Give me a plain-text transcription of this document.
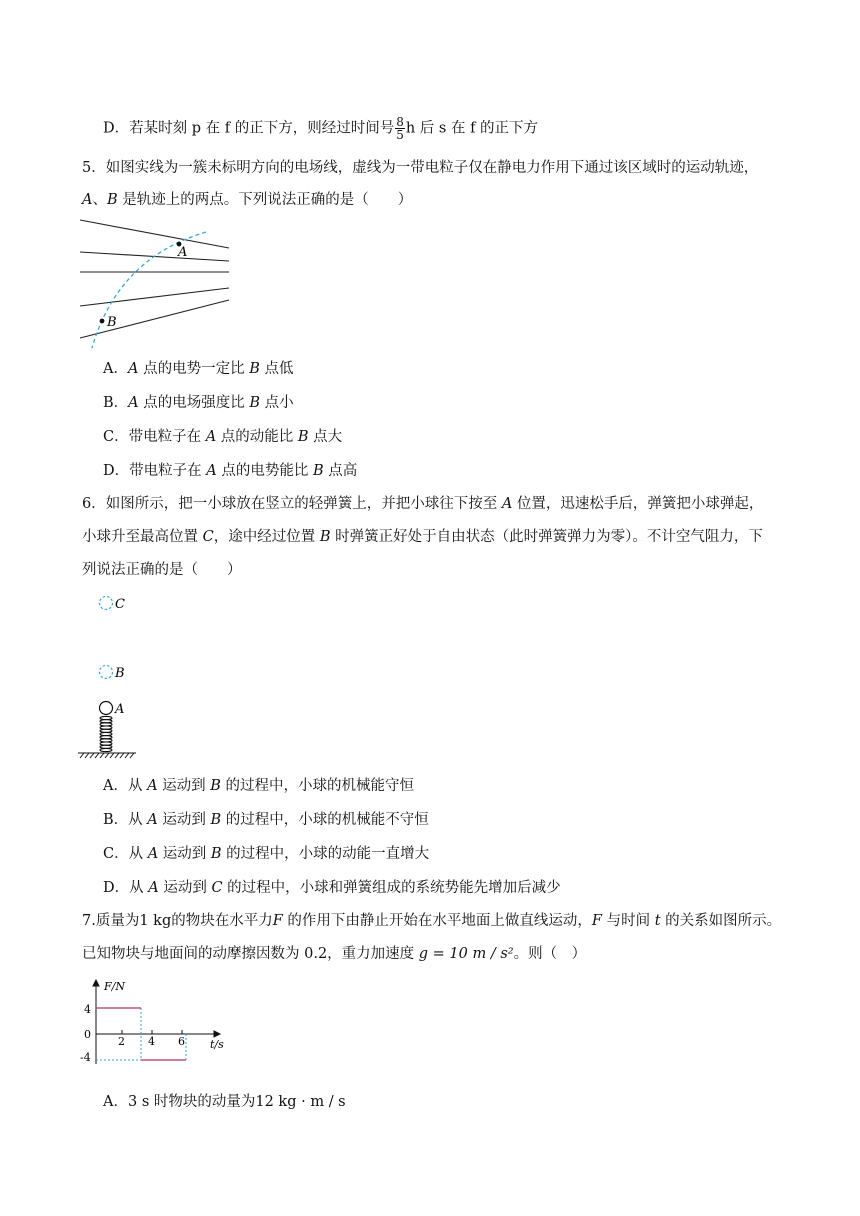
D．若某时刻 p 在 f 的正下方，则经过时间号 $\frac{8}{5}$ h 后 s 在 f 的正下方
5．如图实线为一簇未标明方向的电场线，虚线为一带电粒子仅在静电力作用下通过该区域时的运动轨迹，
A、B 是轨迹上的两点。下列说法正确的是（　　）
A
B
A．A 点的电势一定比 B 点低
B．A 点的电场强度比 B 点小
C．带电粒子在 A 点的动能比 B 点大
D．带电粒子在 A 点的电势能比 B 点高
6．如图所示，把一小球放在竖立的轻弹簧上，并把小球往下按至 A 位置，迅速松手后，弹簧把小球弹起，
小球升至最高位置 C，途中经过位置 B 时弹簧正好处于自由状态（此时弹簧弹力为零）。不计空气阻力，下
列说法正确的是（　　）
C
B
A
A．从 A 运动到 B 的过程中，小球的机械能守恒
B．从 A 运动到 B 的过程中，小球的机械能不守恒
C．从 A 运动到 B 的过程中，小球的动能一直增大
D．从 A 运动到 C 的过程中，小球和弹簧组成的系统势能先增加后减少
7.质量为1 kg的物块在水平力F 的作用下由静止开始在水平地面上做直线运动，F 与时间 t 的关系如图所示。
已知物块与地面间的动摩擦因数为 0.2，重力加速度 g = 10 m / s²。则（　）
F/N
t/s
4
0
-4
2 4 6
A．3 s 时物块的动量为12 kg · m / s
